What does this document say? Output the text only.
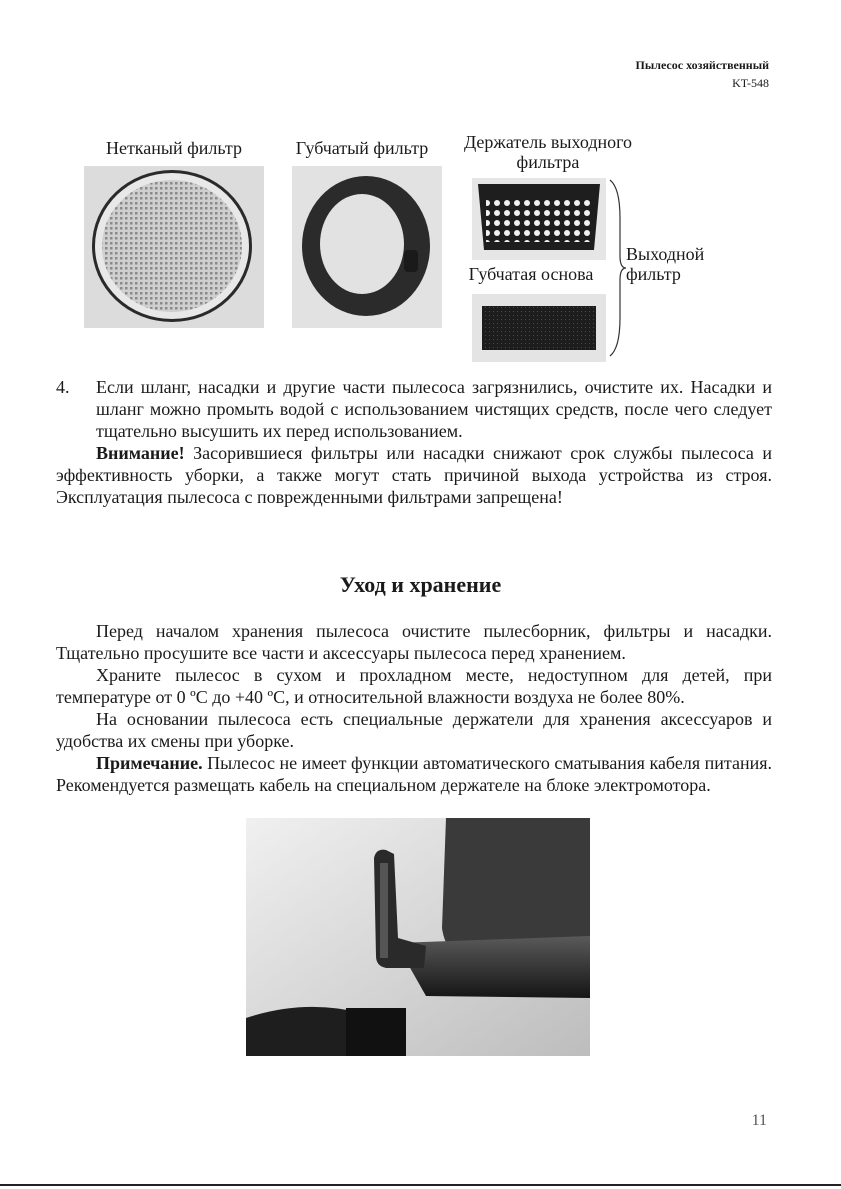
Пылесос хозяйственный
KT-548
Нетканый фильтр	Губчатый фильтр	Держатель выходного
фильтра
Губчатая основа
Выходной
фильтр
4.	Если шланг, насадки и другие части пылесоса загрязнились, очистите их. Насадки и шланг можно промыть водой с использованием чистящих средств, после чего следует тщательно высушить их перед использованием.

Внимание! Засорившиеся фильтры или насадки снижают срок службы пылесоса и эффективность уборки, а также могут стать причиной выхода устройства из строя. Эксплуатация пылесоса с поврежденными фильтрами запрещена!

Уход и хранение

Перед началом хранения пылесоса очистите пылесборник, фильтры и насадки. Тщательно просушите все части и аксессуары пылесоса перед хранением.

Храните пылесос в сухом и прохладном месте, недоступном для детей, при температуре от 0 ºС до +40 ºС, и относительной влажности воздуха не более 80%.

На основании пылесоса есть специальные держатели для хранения аксессуаров и удобства их смены при уборке.

Примечание. Пылесос не имеет функции автоматического сматывания кабеля питания. Рекомендуется размещать кабель на специальном держателе на блоке электромотора.

11
